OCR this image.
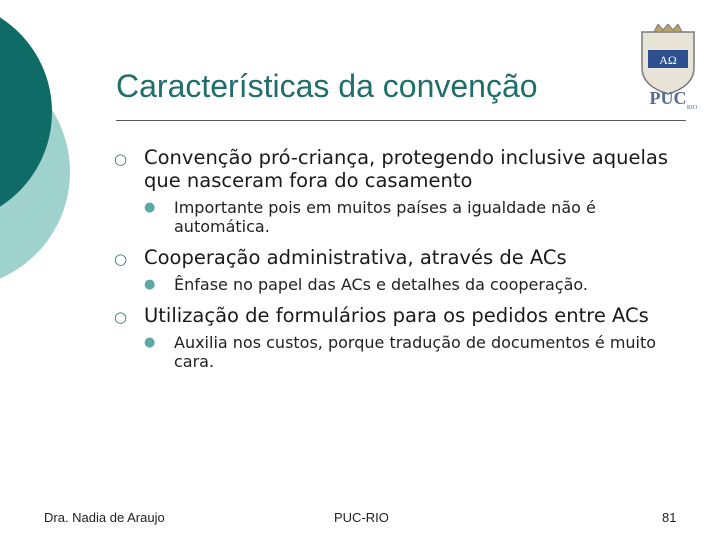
Características da convenção
AΩ
PUC RIO
○ Convenção pró-criança, protegendo inclusive aquelas que nasceram fora do casamento
● Importante pois em muitos países a igualdade não é automática.
○ Cooperação administrativa, através de ACs
● Ênfase no papel das ACs e detalhes da cooperação.
○ Utilização de formulários para os pedidos entre ACs
● Auxilia nos custos, porque tradução de documentos é muito cara.
Dra. Nadia de Araujo	PUC-RIO	81
